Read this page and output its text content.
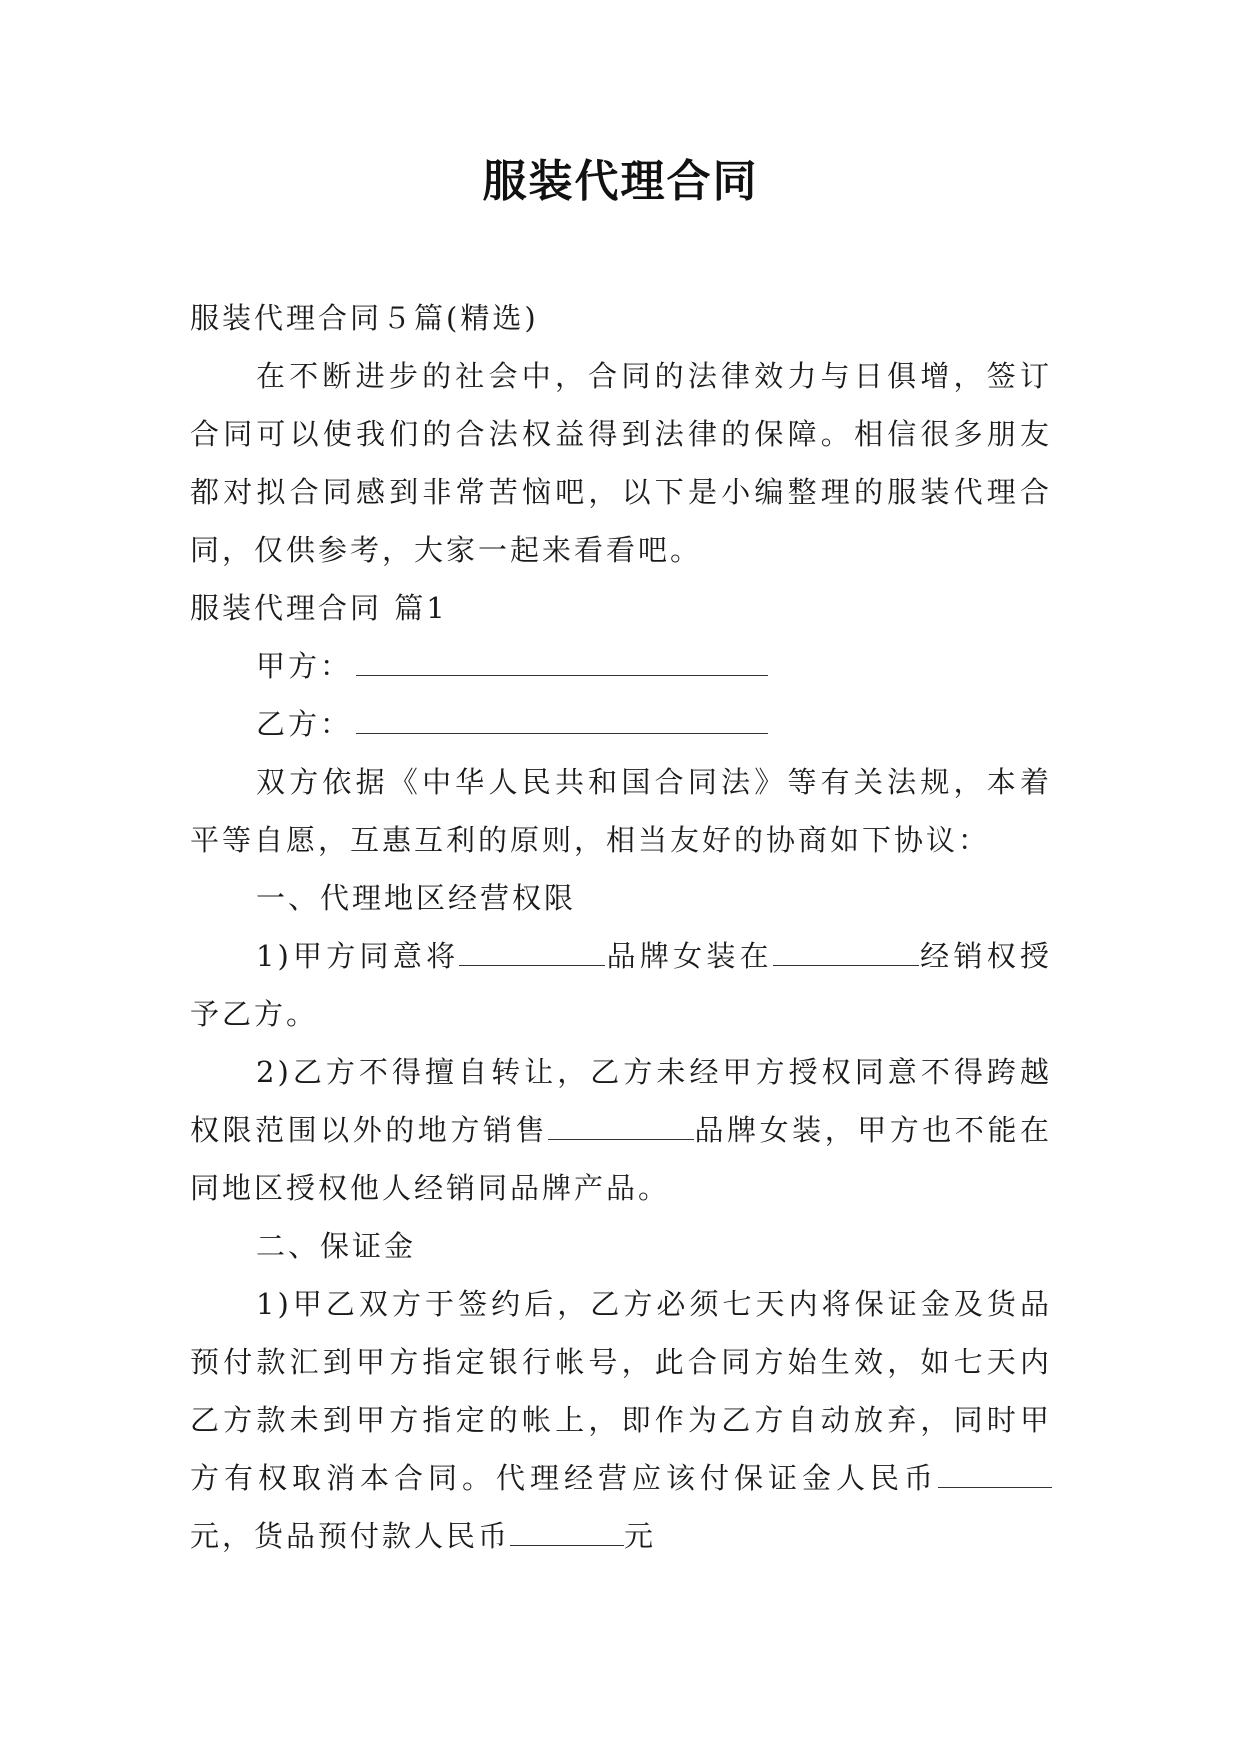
服装代理合同

服装代理合同５篇(精选)

在不断进步的社会中，合同的法律效力与日俱增，签订合同可以使我们的合法权益得到法律的保障。相信很多朋友都对拟合同感到非常苦恼吧，以下是小编整理的服装代理合同，仅供参考，大家一起来看看吧。

服装代理合同 篇1

甲方：

乙方：

双方依据《中华人民共和国合同法》等有关法规，本着平等自愿，互惠互利的原则，相当友好的协商如下协议：

一、代理地区经营权限

1)甲方同意将	品牌女装在	经销权授予乙方。

2)乙方不得擅自转让，乙方未经甲方授权同意不得跨越权限范围以外的地方销售	品牌女装，甲方也不能在同地区授权他人经销同品牌产品。

二、保证金

1)甲乙双方于签约后，乙方必须七天内将保证金及货品预付款汇到甲方指定银行帐号，此合同方始生效，如七天内乙方款未到甲方指定的帐上，即作为乙方自动放弃，同时甲方有权取消本合同。代理经营应该付保证金人民币元，货品预付款人民币	元
